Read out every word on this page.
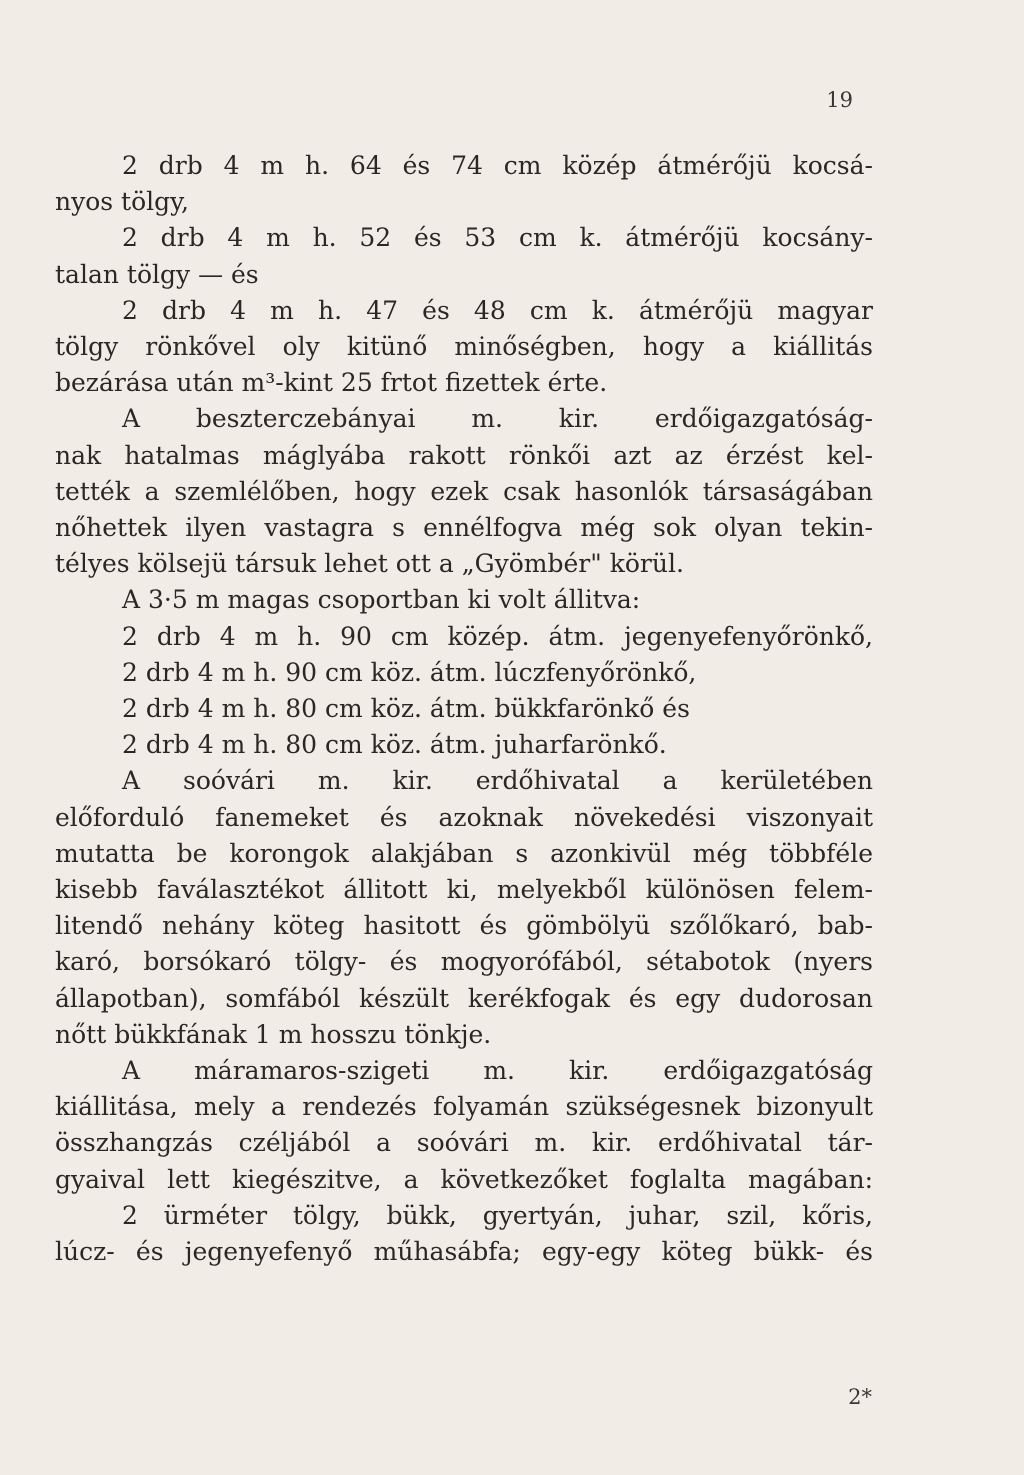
19
2 drb 4 m h. 64 és 74 cm közép átmérőjü kocsá-
nyos tölgy,
2 drb 4 m h. 52 és 53 cm k. átmérőjü kocsány-
talan tölgy — és
2 drb 4 m h. 47 és 48 cm k. átmérőjü magyar
tölgy rönkővel oly kitünő minőségben, hogy a kiállitás
bezárása után m³-kint 25 frtot fizettek érte.
A beszterczebányai m. kir. erdőigazgatóság-
nak hatalmas máglyába rakott rönkői azt az érzést kel-
tették a szemlélőben, hogy ezek csak hasonlók társaságában
nőhettek ilyen vastagra s ennélfogva még sok olyan tekin-
télyes kölsejü társuk lehet ott a „Gyömbér" körül.
A 3·5 m magas csoportban ki volt állitva:
2 drb 4 m h. 90 cm közép. átm. jegenyefenyőrönkő,
2 drb 4 m h. 90 cm köz. átm. lúczfenyőrönkő,
2 drb 4 m h. 80 cm köz. átm. bükkfarönkő és
2 drb 4 m h. 80 cm köz. átm. juharfarönkő.
A soóvári m. kir. erdőhivatal a kerületében
előforduló fanemeket és azoknak növekedési viszonyait
mutatta be korongok alakjában s azonkivül még többféle
kisebb faválasztékot állitott ki, melyekből különösen felem-
litendő nehány köteg hasitott és gömbölyü szőlőkaró, bab-
karó, borsókaró tölgy- és mogyorófából, sétabotok (nyers
állapotban), somfából készült kerékfogak és egy dudorosan
nőtt bükkfának 1 m hosszu tönkje.
A máramaros-szigeti m. kir. erdőigazgatóság
kiállitása, mely a rendezés folyamán szükségesnek bizonyult
összhangzás czéljából a soóvári m. kir. erdőhivatal tár-
gyaival lett kiegészitve, a következőket foglalta magában:
2 ürméter tölgy, bükk, gyertyán, juhar, szil, kőris,
lúcz- és jegenyefenyő műhasábfa; egy-egy köteg bükk- és
2*
